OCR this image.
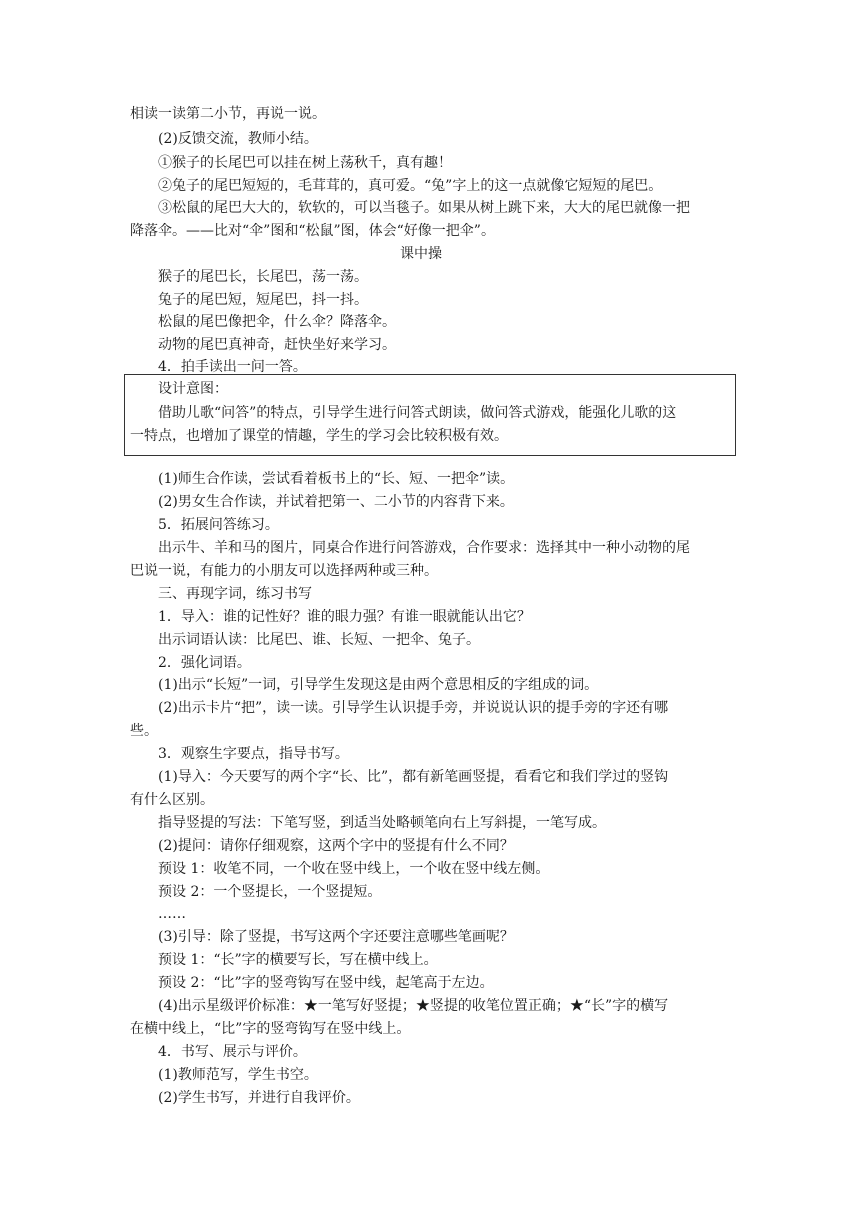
相读一读第二小节，再说一说。
(2)反馈交流，教师小结。
①猴子的长尾巴可以挂在树上荡秋千，真有趣！
②兔子的尾巴短短的，毛茸茸的，真可爱。“兔”字上的这一点就像它短短的尾巴。
③松鼠的尾巴大大的，软软的，可以当毯子。如果从树上跳下来，大大的尾巴就像一把
降落伞。——比对“伞”图和“松鼠”图，体会“好像一把伞”。
课中操
猴子的尾巴长，长尾巴，荡一荡。
兔子的尾巴短，短尾巴，抖一抖。
松鼠的尾巴像把伞，什么伞？降落伞。
动物的尾巴真神奇，赶快坐好来学习。
4．拍手读出一问一答。
设计意图：
借助儿歌“问答”的特点，引导学生进行问答式朗读，做问答式游戏，能强化儿歌的这
一特点，也增加了课堂的情趣，学生的学习会比较积极有效。
(1)师生合作读，尝试看着板书上的“长、短、一把伞”读。
(2)男女生合作读，并试着把第一、二小节的内容背下来。
5．拓展问答练习。
出示牛、羊和马的图片，同桌合作进行问答游戏，合作要求：选择其中一种小动物的尾
巴说一说，有能力的小朋友可以选择两种或三种。
三、再现字词，练习书写
1．导入：谁的记性好？谁的眼力强？有谁一眼就能认出它？
出示词语认读：比尾巴、谁、长短、一把伞、兔子。
2．强化词语。
(1)出示“长短”一词，引导学生发现这是由两个意思相反的字组成的词。
(2)出示卡片“把”，读一读。引导学生认识提手旁，并说说认识的提手旁的字还有哪
些。
3．观察生字要点，指导书写。
(1)导入：今天要写的两个字“长、比”，都有新笔画竖提，看看它和我们学过的竖钩
有什么区别。
指导竖提的写法：下笔写竖，到适当处略顿笔向右上写斜提，一笔写成。
(2)提问：请你仔细观察，这两个字中的竖提有什么不同？
预设 1：收笔不同，一个收在竖中线上，一个收在竖中线左侧。
预设 2：一个竖提长，一个竖提短。
……
(3)引导：除了竖提，书写这两个字还要注意哪些笔画呢？
预设 1：“长”字的横要写长，写在横中线上。
预设 2：“比”字的竖弯钩写在竖中线，起笔高于左边。
(4)出示星级评价标准：★一笔写好竖提；★竖提的收笔位置正确；★“长”字的横写
在横中线上，“比”字的竖弯钩写在竖中线上。
4．书写、展示与评价。
(1)教师范写，学生书空。
(2)学生书写，并进行自我评价。
